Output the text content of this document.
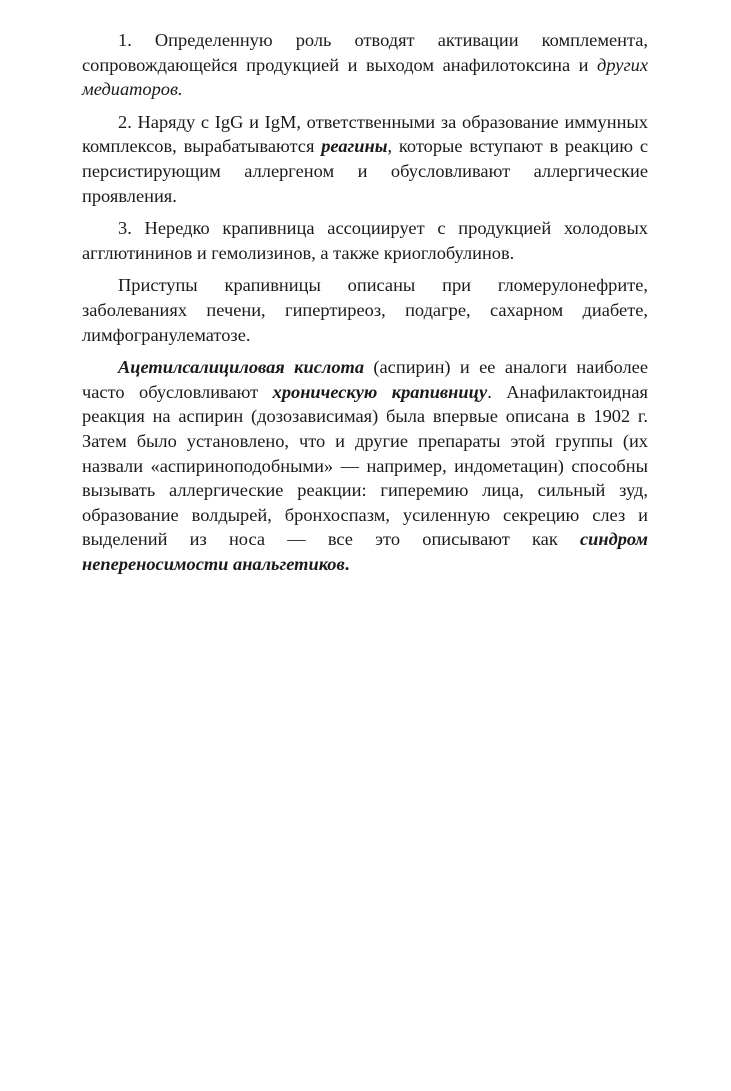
1. Определенную роль отводят активации комплемента, сопровождающейся продукцией и выходом анафилотоксина и других медиаторов.

2. Наряду с IgG и IgM, ответственными за образование иммунных комплексов, вырабатываются реагины, которые вступают в реакцию с персистирующим аллергеном и обусловливают аллергические проявления.

3. Нередко крапивница ассоциирует с продукцией холодовых агглютининов и гемолизинов, а также криоглобулинов.

Приступы крапивницы описаны при гломерулонефрите, заболеваниях печени, гипертиреоз, подагре, сахарном диабете, лимфогранулематозе.

Ацетилсалициловая кислота (аспирин) и ее аналоги наиболее часто обусловливают хроническую крапивницу. Анафилактоидная реакция на аспирин (дозозависимая) была впервые описана в 1902 г. Затем было установлено, что и другие препараты этой группы (их назвали «аспириноподобными» — например, индометацин) способны вызывать аллергические реакции: гиперемию лица, сильный зуд, образование волдырей, бронхоспазм, усиленную секрецию слез и выделений из носа — все это описывают как синдром непереносимости анальгетиков.
